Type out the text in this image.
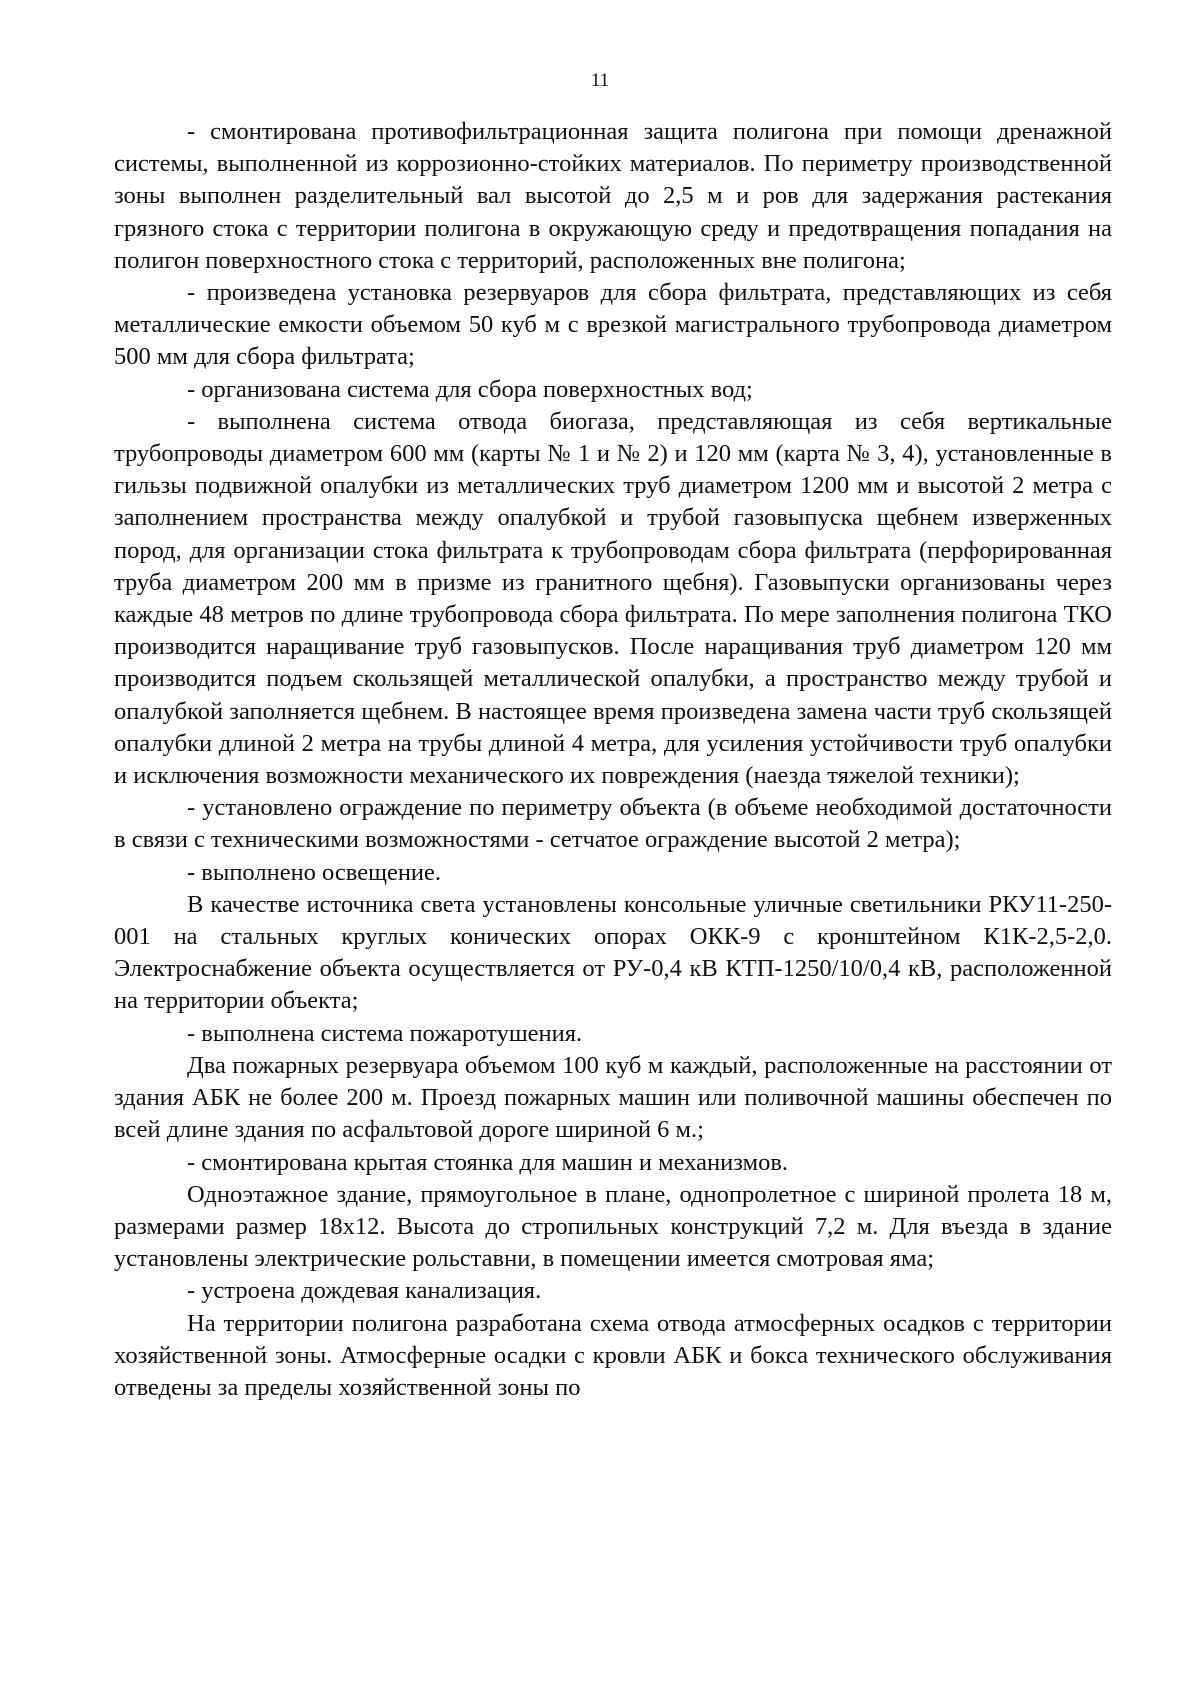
11

- смонтирована противофильтрационная защита полигона при помощи дренажной системы, выполненной из коррозионно-стойких материалов. По периметру производственной зоны выполнен разделительный вал высотой до 2,5 м и ров для задержания растекания грязного стока с территории полигона в окружающую среду и предотвращения попадания на полигон поверхностного стока с территорий, расположенных вне полигона;

- произведена установка резервуаров для сбора фильтрата, представляющих из себя металлические емкости объемом 50 куб м с врезкой магистрального трубопровода диаметром 500 мм для сбора фильтрата;

- организована система для сбора поверхностных вод;

- выполнена система отвода биогаза, представляющая из себя вертикальные трубопроводы диаметром 600 мм (карты № 1 и № 2) и 120 мм (карта № 3, 4), установленные в гильзы подвижной опалубки из металлических труб диаметром 1200 мм и высотой 2 метра с заполнением пространства между опалубкой и трубой газовыпуска щебнем изверженных пород, для организации стока фильтрата к трубопроводам сбора фильтрата (перфорированная труба диаметром 200 мм в призме из гранитного щебня). Газовыпуски организованы через каждые 48 метров по длине трубопровода сбора фильтрата. По мере заполнения полигона ТКО производится наращивание труб газовыпусков. После наращивания труб диаметром 120 мм производится подъем скользящей металлической опалубки, а пространство между трубой и опалубкой заполняется щебнем. В настоящее время произведена замена части труб скользящей опалубки длиной 2 метра на трубы длиной 4 метра, для усиления устойчивости труб опалубки и исключения возможности механического их повреждения (наезда тяжелой техники);

- установлено ограждение по периметру объекта (в объеме необходимой достаточности в связи с техническими возможностями - сетчатое ограждение высотой 2 метра);

- выполнено освещение.

В качестве источника света установлены консольные уличные светильники РКУ11-250-001 на стальных круглых конических опорах ОКК-9 с кронштейном К1К-2,5-2,0. Электроснабжение объекта осуществляется от РУ-0,4 кВ КТП-1250/10/0,4 кВ, расположенной на территории объекта;

- выполнена система пожаротушения.

Два пожарных резервуара объемом 100 куб м каждый, расположенные на расстоянии от здания АБК не более 200 м. Проезд пожарных машин или поливочной машины обеспечен по всей длине здания по асфальтовой дороге шириной 6 м.;

- смонтирована крытая стоянка для машин и механизмов.

Одноэтажное здание, прямоугольное в плане, однопролетное с шириной пролета 18 м, размерами размер 18х12. Высота до стропильных конструкций 7,2 м. Для въезда в здание установлены электрические рольставни, в помещении имеется смотровая яма;

- устроена дождевая канализация.

На территории полигона разработана схема отвода атмосферных осадков с территории хозяйственной зоны. Атмосферные осадки с кровли АБК и бокса технического обслуживания отведены за пределы хозяйственной зоны по
